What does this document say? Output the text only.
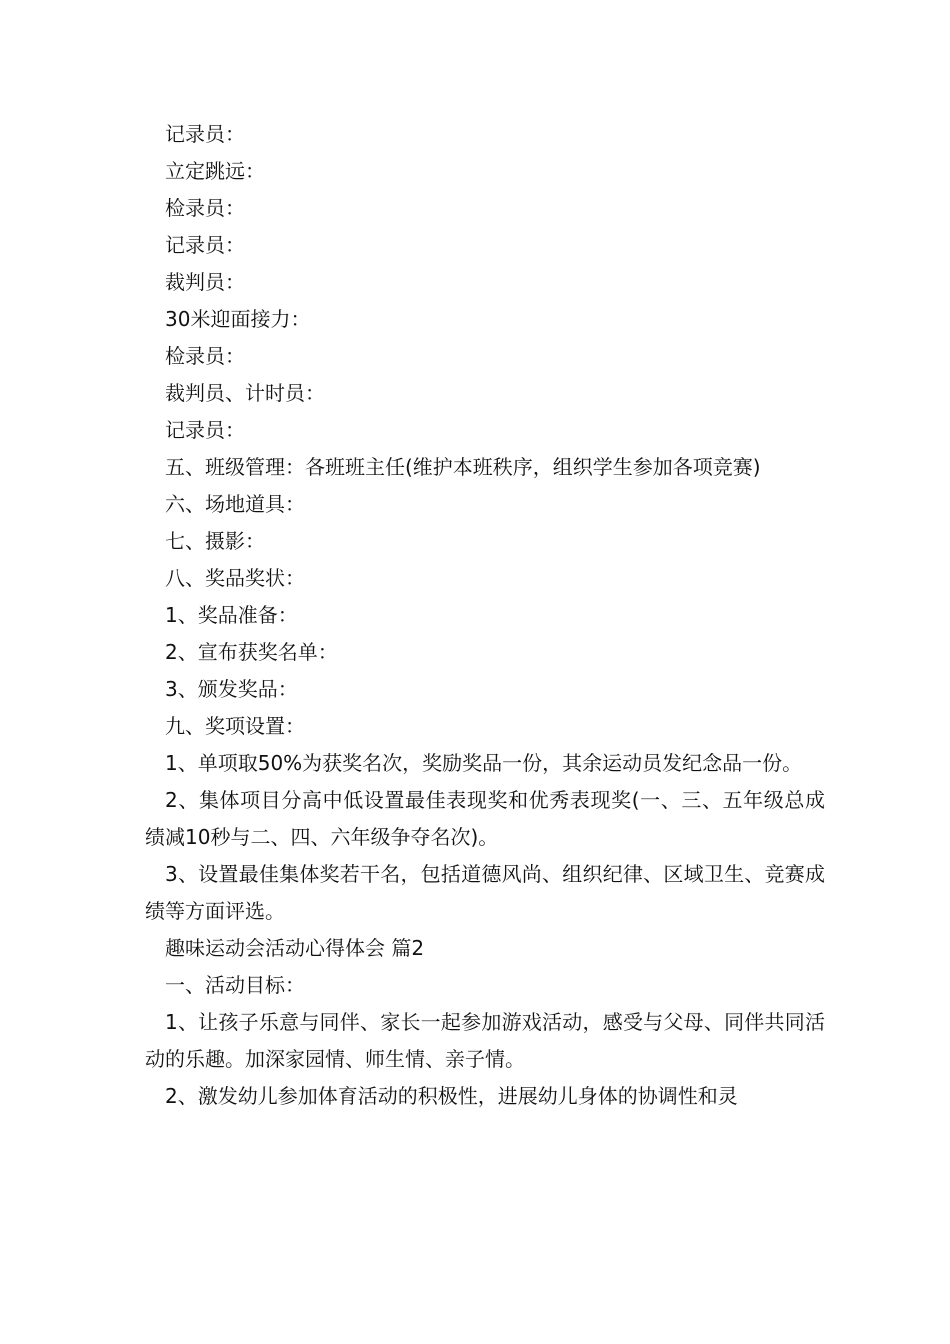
记录员：

立定跳远：

检录员：

记录员：

裁判员：

30米迎面接力：

检录员：

裁判员、计时员：

记录员：

五、班级管理：各班班主任(维护本班秩序，组织学生参加各项竞赛)

六、场地道具：

七、摄影：

八、奖品奖状：

1、奖品准备：

2、宣布获奖名单：

3、颁发奖品：

九、奖项设置：

1、单项取50%为获奖名次，奖励奖品一份，其余运动员发纪念品一份。

2、集体项目分高中低设置最佳表现奖和优秀表现奖(一、三、五年级总成绩减10秒与二、四、六年级争夺名次)。

3、设置最佳集体奖若干名，包括道德风尚、组织纪律、区域卫生、竞赛成绩等方面评选。

趣味运动会活动心得体会 篇2

一、活动目标：

1、让孩子乐意与同伴、家长一起参加游戏活动，感受与父母、同伴共同活动的乐趣。加深家园情、师生情、亲子情。

2、激发幼儿参加体育活动的积极性，进展幼儿身体的协调性和灵
